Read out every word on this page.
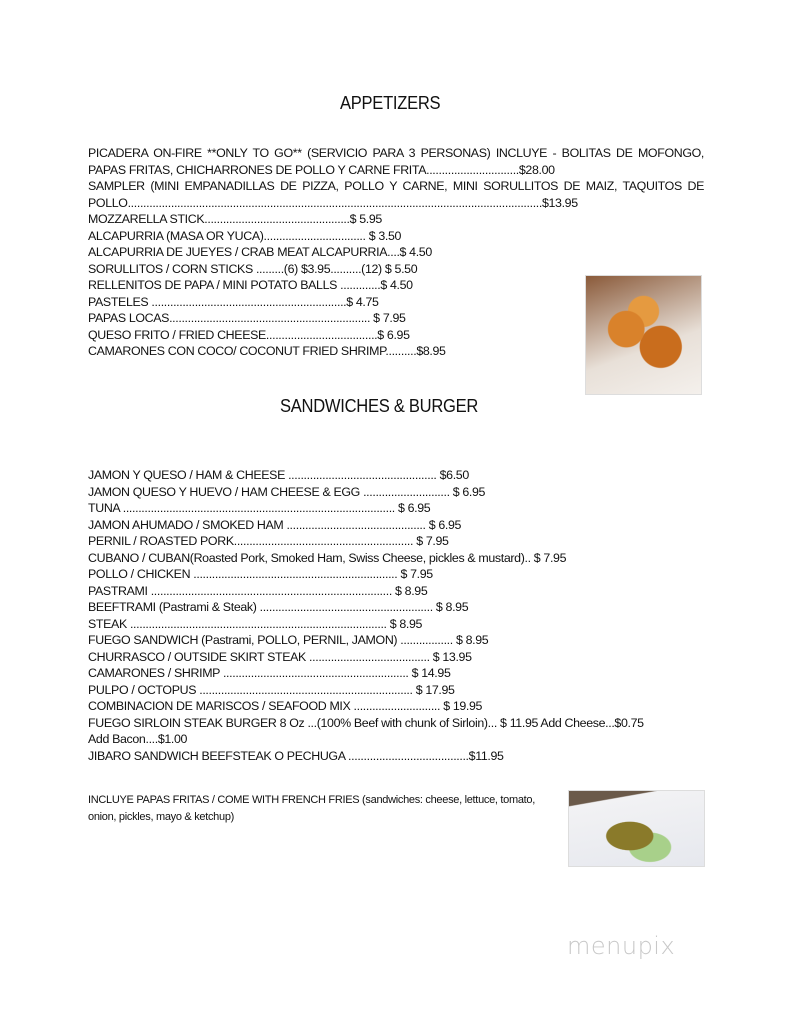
APPETIZERS
PICADERA ON-FIRE **ONLY TO GO** (SERVICIO PARA 3 PERSONAS) INCLUYE - BOLITAS DE MOFONGO, PAPAS FRITAS, CHICHARRONES DE POLLO Y CARNE FRITA..............................$28.00
SAMPLER (MINI EMPANADILLAS DE PIZZA, POLLO Y CARNE, MINI SORULLITOS DE MAIZ, TAQUITOS DE POLLO......................................................................................................................................$13.95
MOZZARELLA STICK...............................................$ 5.95
ALCAPURRIA (MASA OR YUCA)................................. $ 3.50
ALCAPURRIA DE JUEYES / CRAB MEAT ALCAPURRIA....$ 4.50
SORULLITOS / CORN STICKS .........(6) $3.95..........(12) $ 5.50
RELLENITOS DE PAPA / MINI POTATO BALLS .............$ 4.50
PASTELES ...............................................................$ 4.75
PAPAS LOCAS................................................................. $ 7.95
QUESO FRITO / FRIED CHEESE....................................$ 6.95
CAMARONES CON COCO/ COCONUT FRIED SHRIMP..........$8.95
SANDWICHES & BURGER
JAMON Y QUESO / HAM & CHEESE ................................................ $6.50
JAMON QUESO Y HUEVO / HAM CHEESE & EGG ............................ $ 6.95
TUNA ........................................................................................ $ 6.95
JAMON AHUMADO / SMOKED HAM ............................................. $ 6.95
PERNIL / ROASTED PORK.......................................................... $ 7.95
CUBANO / CUBAN(Roasted Pork, Smoked Ham, Swiss Cheese, pickles & mustard).. $ 7.95
POLLO / CHICKEN .................................................................. $ 7.95
PASTRAMI .............................................................................. $ 8.95
BEEFTRAMI (Pastrami & Steak) ........................................................ $ 8.95
STEAK ................................................................................... $ 8.95
FUEGO SANDWICH (Pastrami, POLLO, PERNIL, JAMON) ................. $ 8.95
CHURRASCO / OUTSIDE SKIRT STEAK ....................................... $ 13.95
CAMARONES / SHRIMP ............................................................ $ 14.95
PULPO / OCTOPUS ..................................................................... $ 17.95
COMBINACION DE MARISCOS / SEAFOOD MIX ............................ $ 19.95
FUEGO SIRLOIN STEAK BURGER 8 Oz ...(100% Beef with chunk of Sirloin)... $ 11.95 Add Cheese...$0.75
Add Bacon....$1.00
JIBARO SANDWICH BEEFSTEAK O PECHUGA .......................................$11.95
INCLUYE PAPAS FRITAS / COME WITH FRENCH FRIES (sandwiches: cheese, lettuce, tomato, onion, pickles, mayo & ketchup)
menupix
